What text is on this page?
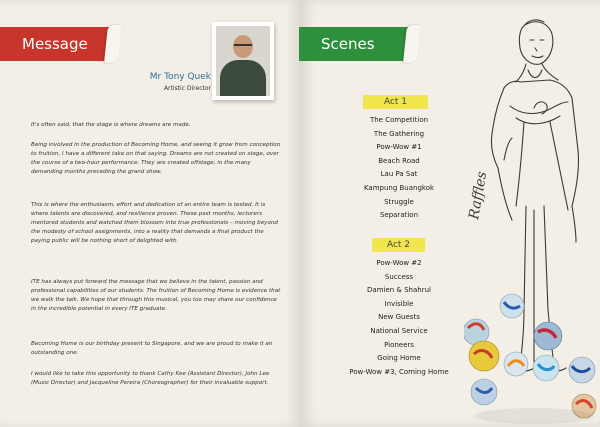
Message
Mr Tony Quek
Artistic Director

It's often said, that the stage is where dreams are made.

Being involved in the production of Becoming Home, and seeing it grow from conception to fruition, I have a different take on that saying. Dreams are not created on stage, over the course of a two-hour performance. They are created offstage, in the many demanding months preceding the grand show.

This is where the enthusiasm, effort and dedication of an entire team is tested. It is where talents are discovered, and resilience proven. These past months, lecturers mentored students and watched them blossom into true professionals – moving beyond the modesty of school assignments, into a reality that demands a final product the paying public will be nothing short of delighted with.

ITE has always put forward the message that we believe in the talent, passion and professional capabilities of our students. The fruition of Becoming Home is evidence that we walk the talk. We hope that through this musical, you too may share our confidence in the incredible potential in every ITE graduate.

Becoming Home is our birthday present to Singapore, and we are proud to make it an outstanding one.

I would like to take this opportunity to thank Cathy Kee (Assistant Director), John Lee (Music Director) and Jacqueline Pereira (Choreographer) for their invaluable support.

Scenes
Act 1
The Competition
The Gathering
Pow-Wow #1
Beach Road
Lau Pa Sat
Kampung Buangkok
Struggle
Separation
Act 2
Pow-Wow #2
Success
Damien & Shahrul
Invisible
New Guests
National Service
Pioneers
Going Home
Pow-Wow #3, Coming Home
Raffles
